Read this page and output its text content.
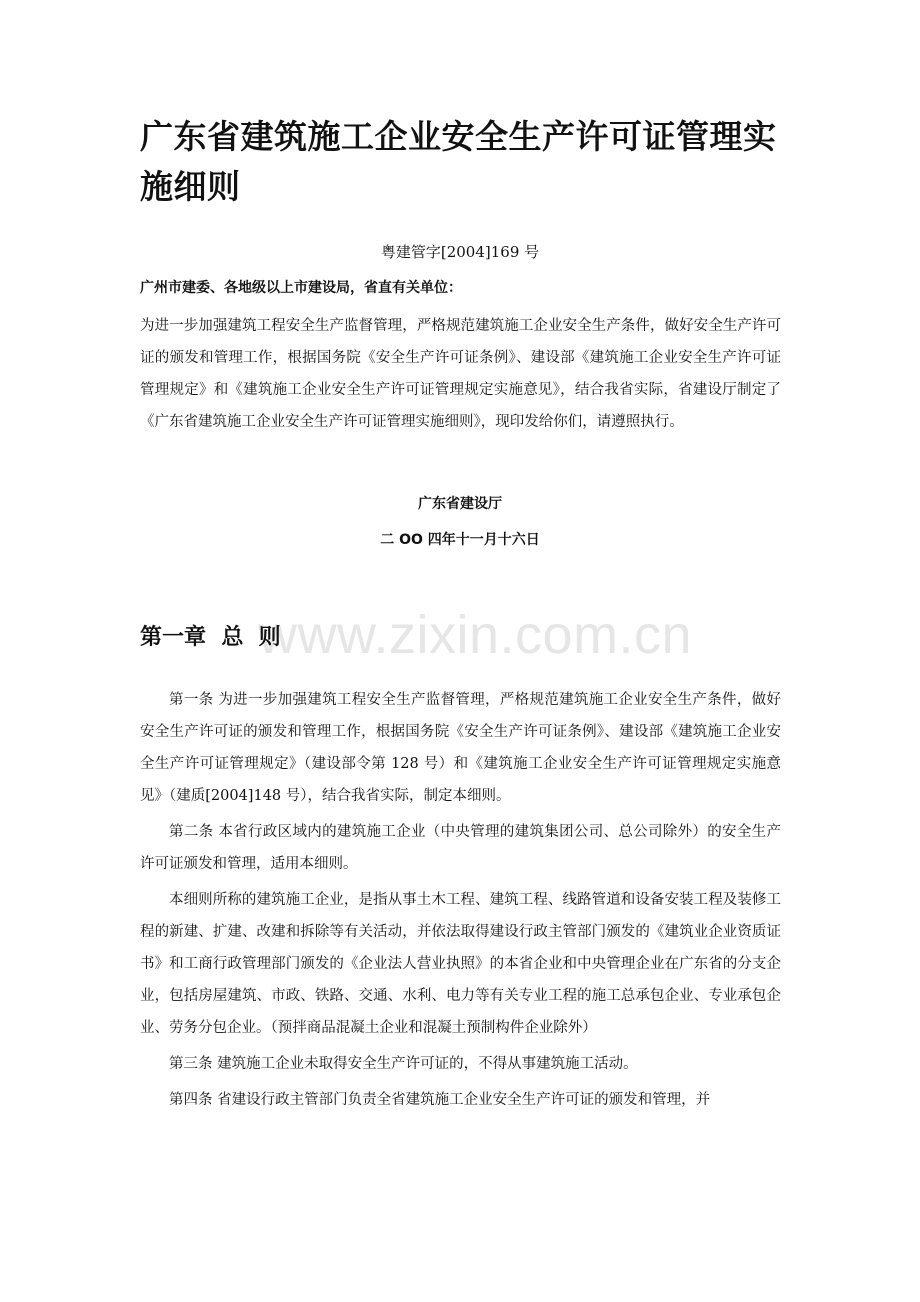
广东省建筑施工企业安全生产许可证管理实施细则
粤建管字[2004]169 号
广州市建委、各地级以上市建设局，省直有关单位：

为进一步加强建筑工程安全生产监督管理，严格规范建筑施工企业安全生产条件，做好安全生产许可证的颁发和管理工作，根据国务院《安全生产许可证条例》、建设部《建筑施工企业安全生产许可证管理规定》和《建筑施工企业安全生产许可证管理规定实施意见》，结合我省实际，省建设厅制定了《广东省建筑施工企业安全生产许可证管理实施细则》，现印发给你们，请遵照执行。

广东省建设厅
二 OO 四年十一月十六日
www.zixin.com.cn
第一章  总  则

第一条 为进一步加强建筑工程安全生产监督管理，严格规范建筑施工企业安全生产条件，做好安全生产许可证的颁发和管理工作，根据国务院《安全生产许可证条例》、建设部《建筑施工企业安全生产许可证管理规定》（建设部令第 128 号）和《建筑施工企业安全生产许可证管理规定实施意见》（建质[2004]148 号），结合我省实际，制定本细则。

第二条 本省行政区域内的建筑施工企业（中央管理的建筑集团公司、总公司除外）的安全生产许可证颁发和管理，适用本细则。

本细则所称的建筑施工企业，是指从事土木工程、建筑工程、线路管道和设备安装工程及装修工程的新建、扩建、改建和拆除等有关活动，并依法取得建设行政主管部门颁发的《建筑业企业资质证书》和工商行政管理部门颁发的《企业法人营业执照》的本省企业和中央管理企业在广东省的分支企业，包括房屋建筑、市政、铁路、交通、水利、电力等有关专业工程的施工总承包企业、专业承包企业、劳务分包企业。（预拌商品混凝土企业和混凝土预制构件企业除外）

第三条 建筑施工企业未取得安全生产许可证的，不得从事建筑施工活动。

第四条 省建设行政主管部门负责全省建筑施工企业安全生产许可证的颁发和管理，并
